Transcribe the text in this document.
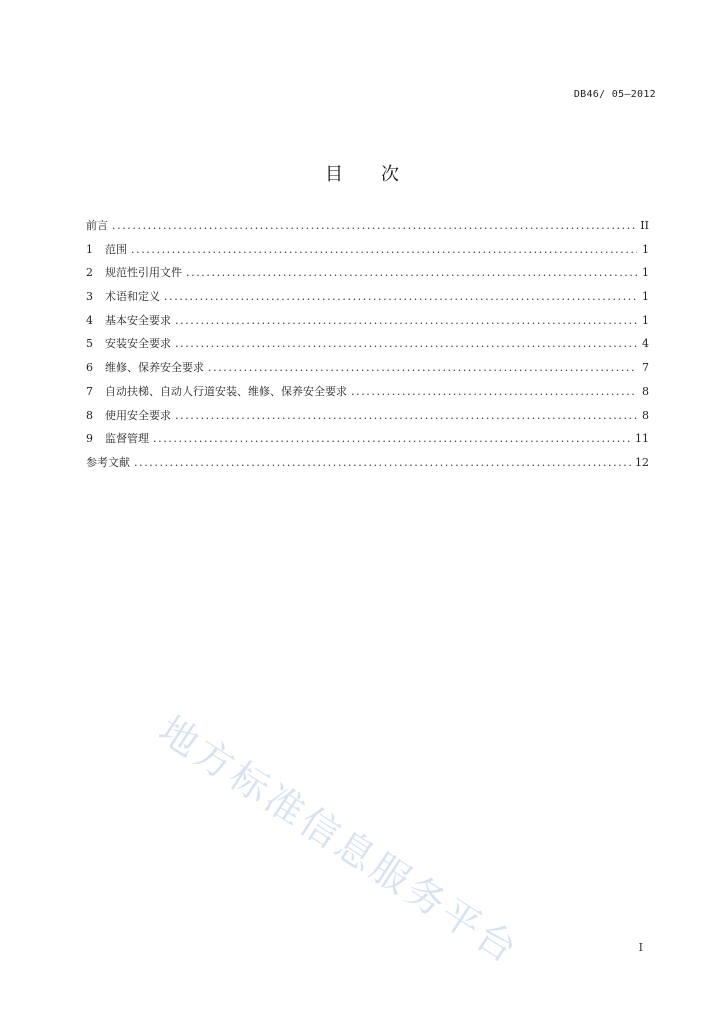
DB46/ 05—2012
目 次
前言 .....	II
1	范围 .....	1
2	规范性引用文件 .....	1
3	术语和定义 .....	1
4	基本安全要求 .....	1
5	安装安全要求 .....	4
6	维修、保养安全要求 .....	7
7	自动扶梯、自动人行道安装、维修、保养安全要求 .....	8
8	使用安全要求 .....	8
9	监督管理 .....	11
参考文献 .....	12
地方标准信息服务平台	I
